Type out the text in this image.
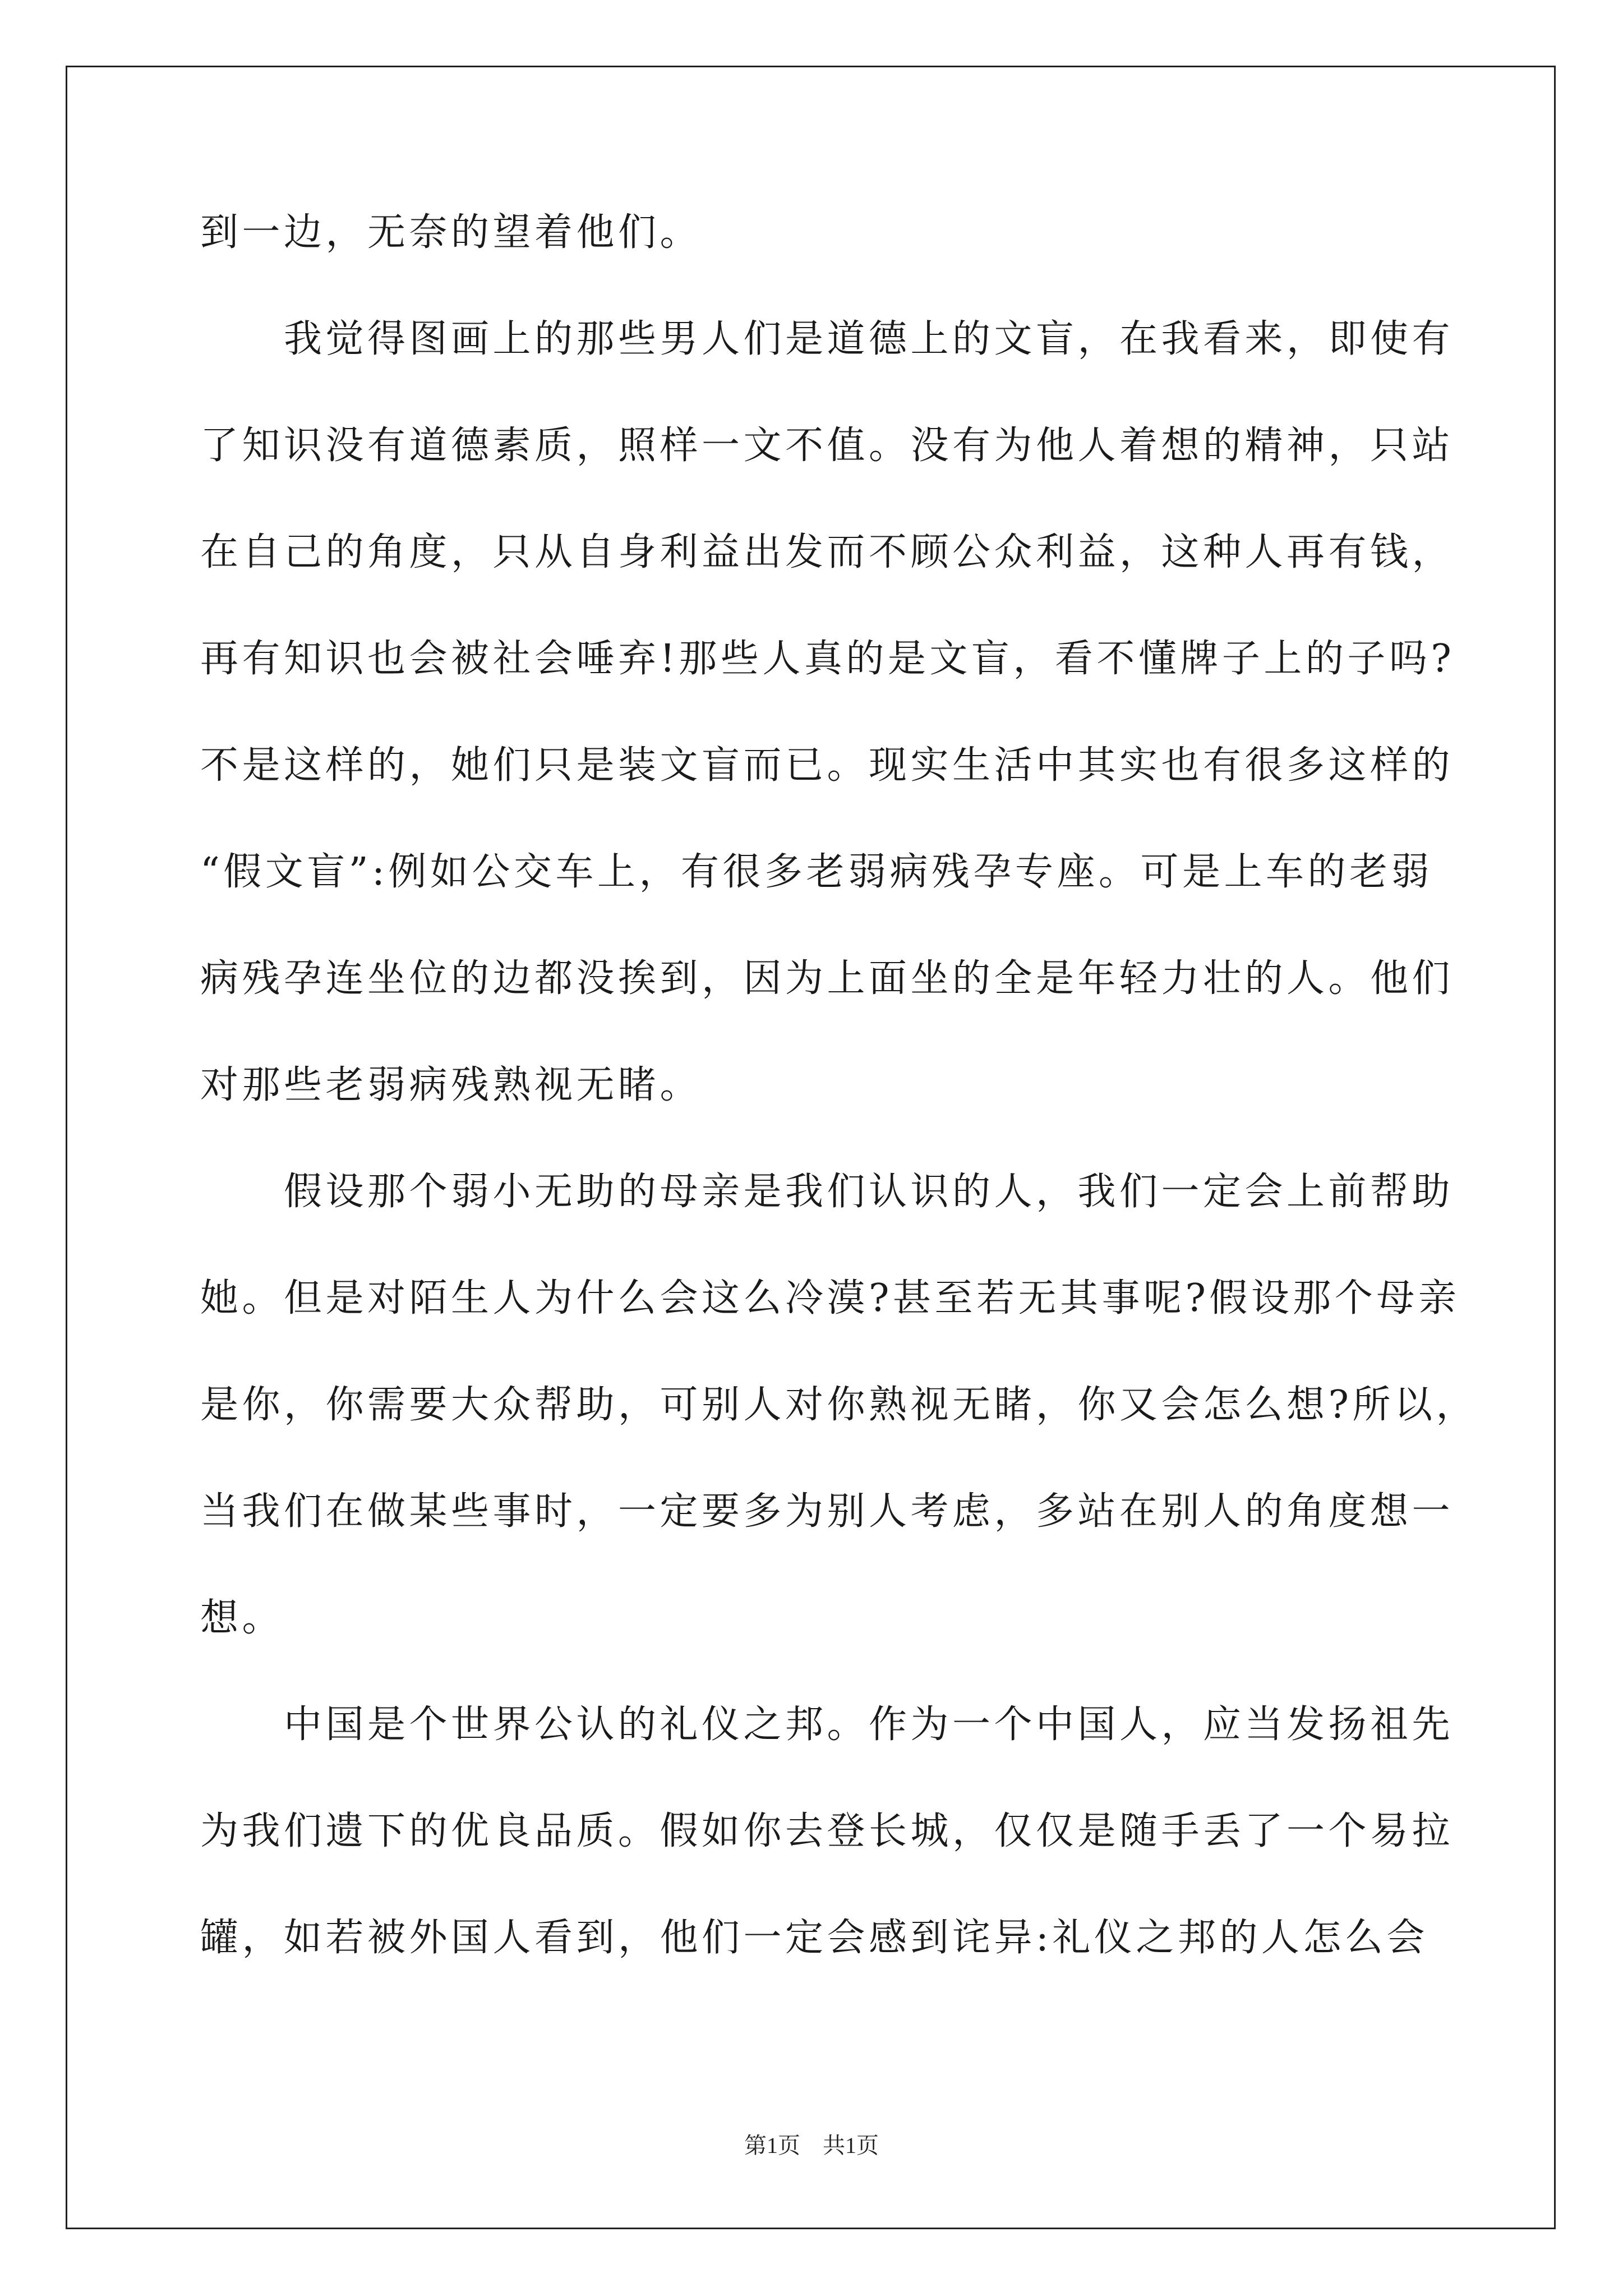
到一边，无奈的望着他们。
　　我觉得图画上的那些男人们是道德上的文盲，在我看来，即使有
了知识没有道德素质，照样一文不值。没有为他人着想的精神，只站
在自己的角度，只从自身利益出发而不顾公众利益，这种人再有钱，
再有知识也会被社会唾弃!那些人真的是文盲，看不懂牌子上的子吗?
不是这样的，她们只是装文盲而已。现实生活中其实也有很多这样的
“假文盲”:例如公交车上，有很多老弱病残孕专座。可是上车的老弱
病残孕连坐位的边都没挨到，因为上面坐的全是年轻力壮的人。他们
对那些老弱病残熟视无睹。
　　假设那个弱小无助的母亲是我们认识的人，我们一定会上前帮助
她。但是对陌生人为什么会这么冷漠?甚至若无其事呢?假设那个母亲
是你，你需要大众帮助，可别人对你熟视无睹，你又会怎么想?所以，
当我们在做某些事时，一定要多为别人考虑，多站在别人的角度想一
想。
　　中国是个世界公认的礼仪之邦。作为一个中国人，应当发扬祖先
为我们遗下的优良品质。假如你去登长城，仅仅是随手丢了一个易拉
罐，如若被外国人看到，他们一定会感到诧异:礼仪之邦的人怎么会
第1页　共1页
